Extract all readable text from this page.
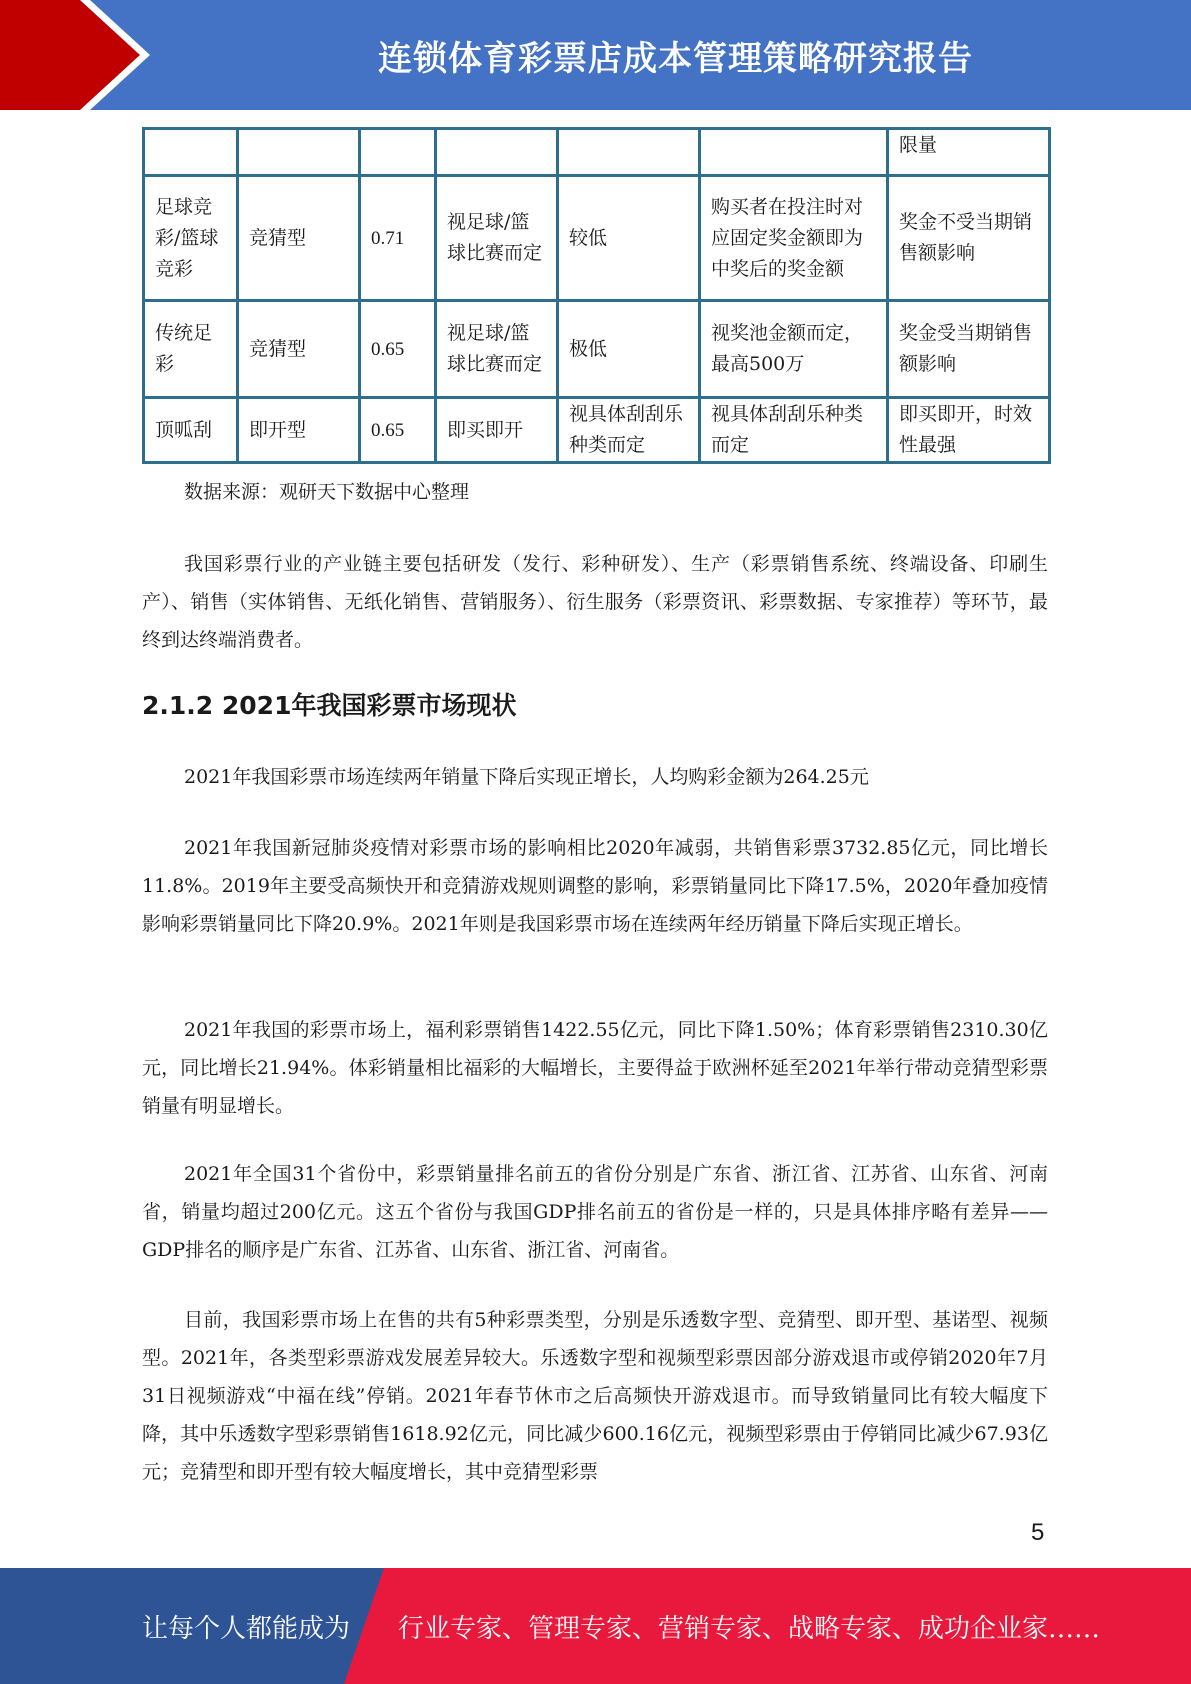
连锁体育彩票店成本管理策略研究报告
						限量
足球竞彩/篮球竞彩	竞猜型	0.71	视足球/篮球比赛而定	较低	购买者在投注时对应固定奖金额即为中奖后的奖金额	奖金不受当期销售额影响
传统足彩	竞猜型	0.65	视足球/篮球比赛而定	极低	视奖池金额而定，最高500万	奖金受当期销售额影响
顶呱刮	即开型	0.65	即买即开	视具体刮刮乐种类而定	视具体刮刮乐种类而定	即买即开，时效性最强

数据来源：观研天下数据中心整理

我国彩票行业的产业链主要包括研发（发行、彩种研发）、生产（彩票销售系统、终端设备、印刷生产）、销售（实体销售、无纸化销售、营销服务）、衍生服务（彩票资讯、彩票数据、专家推荐）等环节，最终到达终端消费者。

2.1.2 2021年我国彩票市场现状

2021年我国彩票市场连续两年销量下降后实现正增长，人均购彩金额为264.25元

2021年我国新冠肺炎疫情对彩票市场的影响相比2020年减弱，共销售彩票3732.85亿元，同比增长11.8%。2019年主要受高频快开和竞猜游戏规则调整的影响，彩票销量同比下降17.5%，2020年叠加疫情影响彩票销量同比下降20.9%。2021年则是我国彩票市场在连续两年经历销量下降后实现正增长。

2021年我国的彩票市场上，福利彩票销售1422.55亿元，同比下降1.50%；体育彩票销售2310.30亿元，同比增长21.94%。体彩销量相比福彩的大幅增长，主要得益于欧洲杯延至2021年举行带动竞猜型彩票销量有明显增长。

2021年全国31个省份中，彩票销量排名前五的省份分别是广东省、浙江省、江苏省、山东省、河南省，销量均超过200亿元。这五个省份与我国GDP排名前五的省份是一样的，只是具体排序略有差异——GDP排名的顺序是广东省、江苏省、山东省、浙江省、河南省。

目前，我国彩票市场上在售的共有5种彩票类型，分别是乐透数字型、竞猜型、即开型、基诺型、视频型。2021年，各类型彩票游戏发展差异较大。乐透数字型和视频型彩票因部分游戏退市或停销2020年7月31日视频游戏“中福在线”停销。2021年春节休市之后高频快开游戏退市。而导致销量同比有较大幅度下降，其中乐透数字型彩票销售1618.92亿元，同比减少600.16亿元，视频型彩票由于停销同比减少67.93亿元；竞猜型和即开型有较大幅度增长，其中竞猜型彩票

5
让每个人都能成为 行业专家、管理专家、营销专家、战略专家、成功企业家……
